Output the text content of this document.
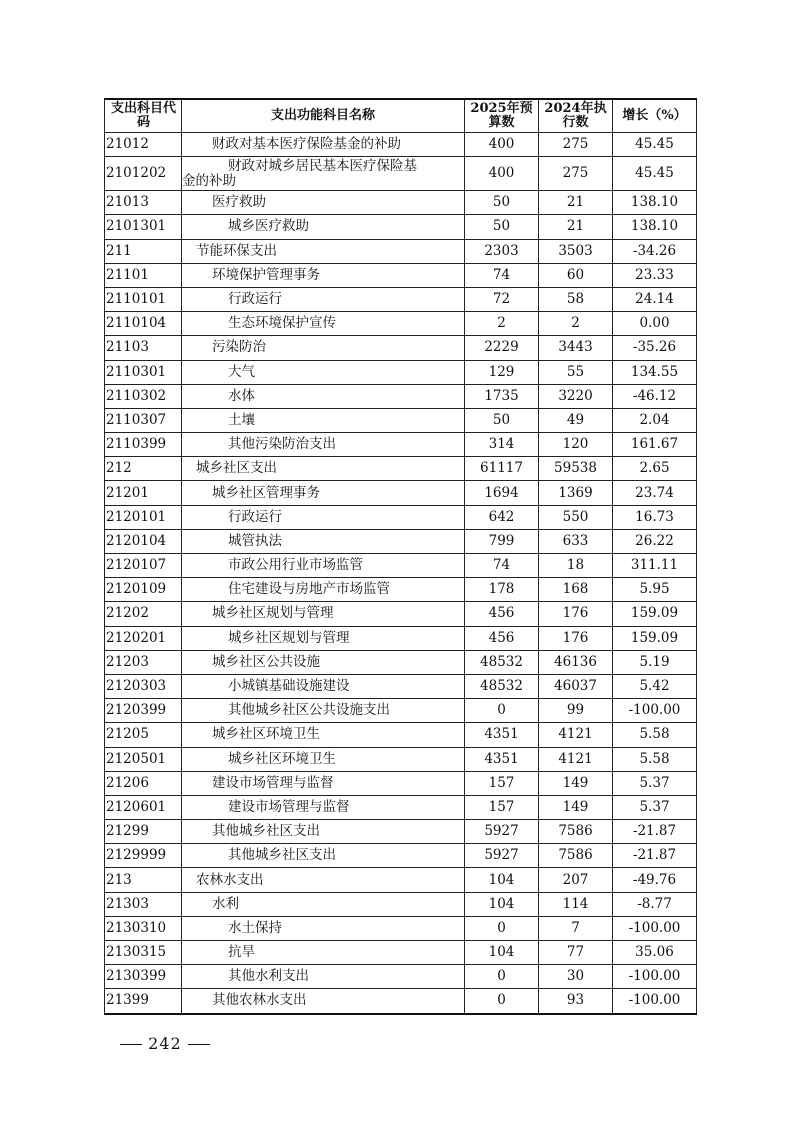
支出科目代码	支出功能科目名称	2025年预算数	2024年执行数	增长（%）
21012	财政对基本医疗保险基金的补助	400	275	45.45
2101202	财政对城乡居民基本医疗保险基
金的补助	400	275	45.45
21013	医疗救助	50	21	138.10
2101301	城乡医疗救助	50	21	138.10
211	节能环保支出	2303	3503	-34.26
21101	环境保护管理事务	74	60	23.33
2110101	行政运行	72	58	24.14
2110104	生态环境保护宣传	2	2	0.00
21103	污染防治	2229	3443	-35.26
2110301	大气	129	55	134.55
2110302	水体	1735	3220	-46.12
2110307	土壤	50	49	2.04
2110399	其他污染防治支出	314	120	161.67
212	城乡社区支出	61117	59538	2.65
21201	城乡社区管理事务	1694	1369	23.74
2120101	行政运行	642	550	16.73
2120104	城管执法	799	633	26.22
2120107	市政公用行业市场监管	74	18	311.11
2120109	住宅建设与房地产市场监管	178	168	5.95
21202	城乡社区规划与管理	456	176	159.09
2120201	城乡社区规划与管理	456	176	159.09
21203	城乡社区公共设施	48532	46136	5.19
2120303	小城镇基础设施建设	48532	46037	5.42
2120399	其他城乡社区公共设施支出	0	99	-100.00
21205	城乡社区环境卫生	4351	4121	5.58
2120501	城乡社区环境卫生	4351	4121	5.58
21206	建设市场管理与监督	157	149	5.37
2120601	建设市场管理与监督	157	149	5.37
21299	其他城乡社区支出	5927	7586	-21.87
2129999	其他城乡社区支出	5927	7586	-21.87
213	农林水支出	104	207	-49.76
21303	水利	104	114	-8.77
2130310	水土保持	0	7	-100.00
2130315	抗旱	104	77	35.06
2130399	其他水利支出	0	30	-100.00
21399	其他农林水支出	0	93	-100.00
242
